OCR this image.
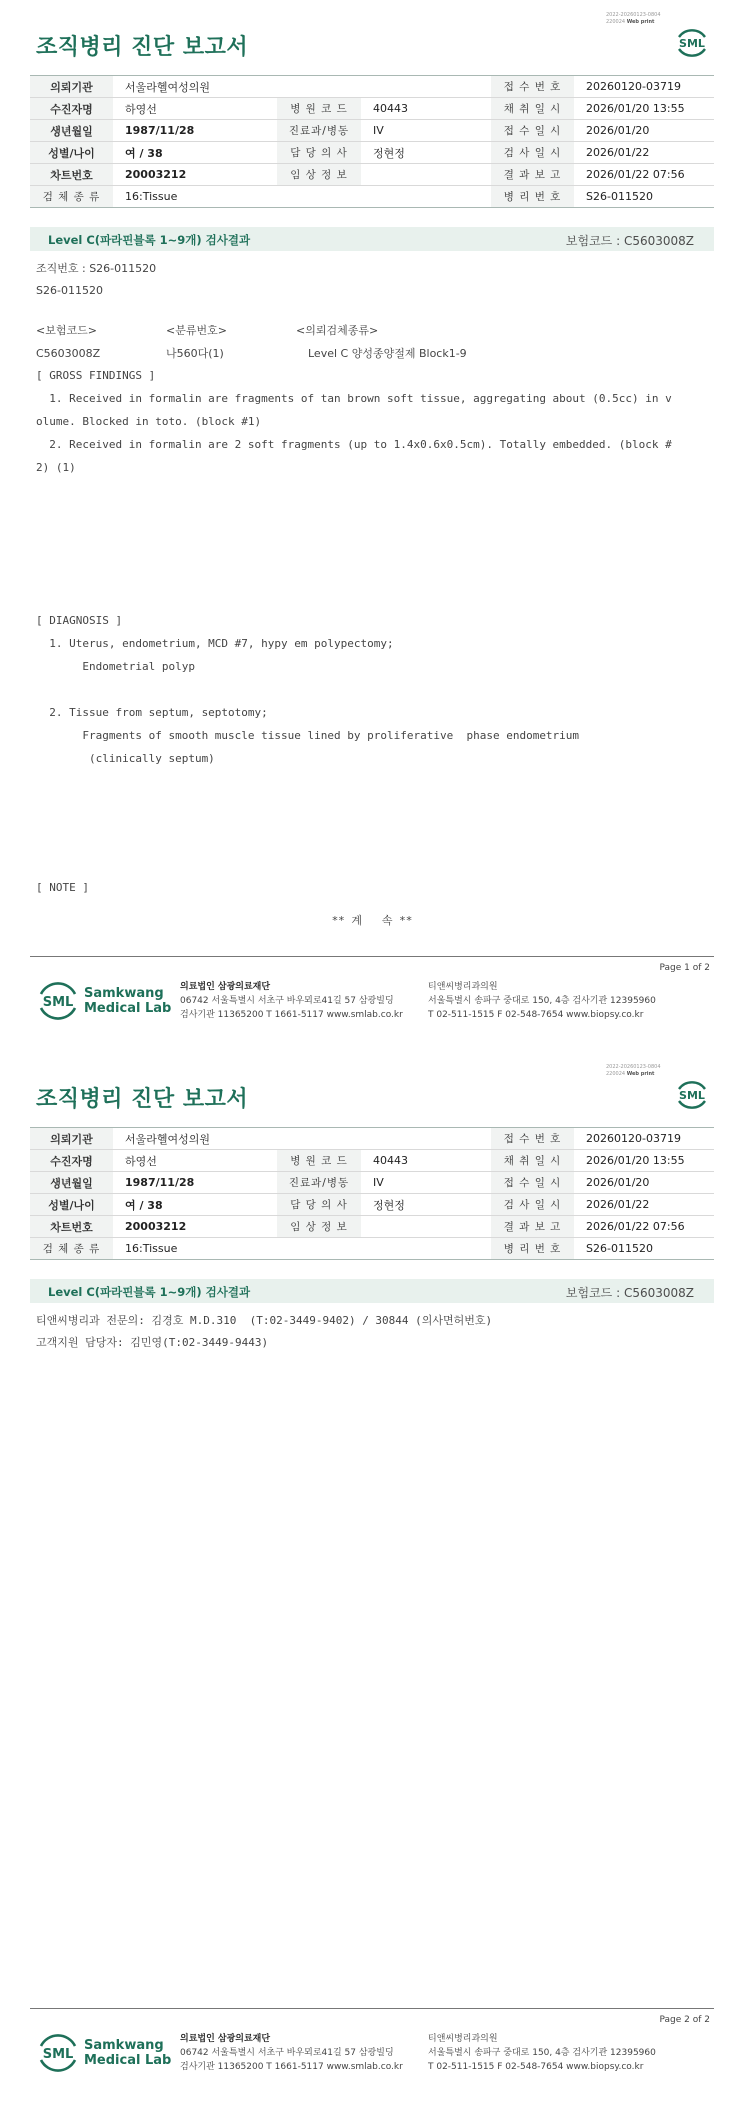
2022-20260123-0804
220024 Web print
조직병리 진단 보고서	SML
의뢰기관	서울라헬여성의원			접 수 번 호	20260120-03719
수진자명	하영선	병 원 코 드	40443	채 취 일 시	2026/01/20 13:55
생년월일	1987/11/28	진료과/병동	IV	접 수 일 시	2026/01/20
성별/나이	여 / 38	담 당 의 사	정현정	검 사 일 시	2026/01/22
차트번호	20003212	임 상 정 보		결 과 보 고	2026/01/22 07:56
검 체 종 류	16:Tissue			병 리 번 호	S26-011520
Level C(파라핀블록 1~9개) 검사결과	보험코드 : C5603008Z
조직번호 : S26-011520
S26-011520
<보험코드>	<분류번호>	<의뢰검체종류>
C5603008Z	나560다(1)	Level C 양성종양절제 Block1-9
[ GROSS FINDINGS ]
1. Received in formalin are fragments of tan brown soft tissue, aggregating about (0.5cc) in v
olume. Blocked in toto. (block #1)
2. Received in formalin are 2 soft fragments (up to 1.4x0.6x0.5cm). Totally embedded. (block #
2) (1)
[ DIAGNOSIS ]
1. Uterus, endometrium, MCD #7, hypy em polypectomy;
Endometrial polyp
2. Tissue from septum, septotomy;
Fragments of smooth muscle tissue lined by proliferative  phase endometrium
(clinically septum)
[ NOTE ]
** 계   속 **
Page 1 of 2
SML
Samkwang
Medical Lab
의료법인 삼광의료재단
06742 서울특별시 서초구 바우뫼로41길 57 삼광빌딩
검사기관 11365200 T 1661-5117 www.smlab.co.kr
티앤씨병리과의원
서울특별시 송파구 중대로 150, 4층 검사기관 12395960
T 02-511-1515 F 02-548-7654 www.biopsy.co.kr
2022-20260123-0804
220024 Web print
조직병리 진단 보고서	SML
의뢰기관	서울라헬여성의원			접 수 번 호	20260120-03719
수진자명	하영선	병 원 코 드	40443	채 취 일 시	2026/01/20 13:55
생년월일	1987/11/28	진료과/병동	IV	접 수 일 시	2026/01/20
성별/나이	여 / 38	담 당 의 사	정현정	검 사 일 시	2026/01/22
차트번호	20003212	임 상 정 보		결 과 보 고	2026/01/22 07:56
검 체 종 류	16:Tissue			병 리 번 호	S26-011520
Level C(파라핀블록 1~9개) 검사결과	보험코드 : C5603008Z
티앤씨병리과 전문의: 김경호 M.D.310  (T:02-3449-9402) / 30844 (의사면허번호)
고객지원 담당자: 김민영(T:02-3449-9443)
Page 2 of 2
SML
Samkwang
Medical Lab
의료법인 삼광의료재단
06742 서울특별시 서초구 바우뫼로41길 57 삼광빌딩
검사기관 11365200 T 1661-5117 www.smlab.co.kr
티앤씨병리과의원
서울특별시 송파구 중대로 150, 4층 검사기관 12395960
T 02-511-1515 F 02-548-7654 www.biopsy.co.kr
